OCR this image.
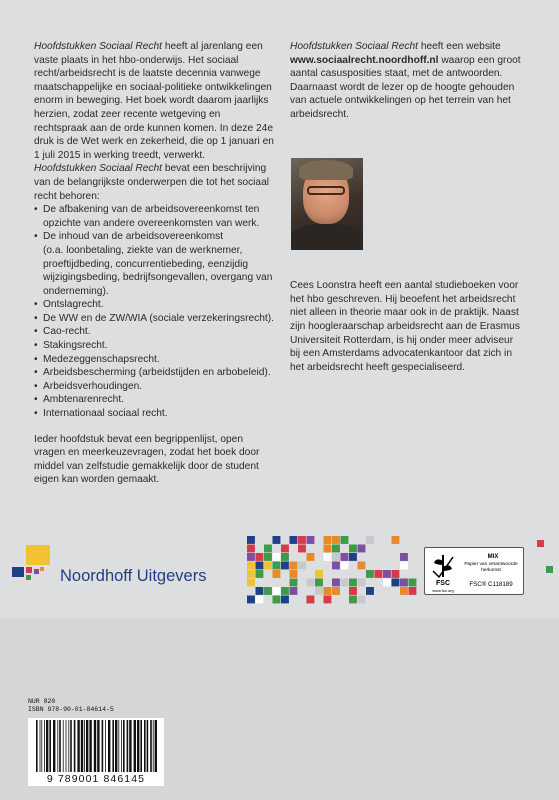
Hoofdstukken Sociaal Recht heeft al jarenlang een vaste plaats in het hbo-onderwijs. Het sociaal recht/arbeidsrecht is de laatste decennia vanwege maatschappelijke en sociaal-politieke ontwikkelingen enorm in beweging. Het boek wordt daarom jaarlijks herzien, zodat zeer recente wetgeving en rechtspraak aan de orde kunnen komen. In deze 24e druk is de Wet werk en zekerheid, die op 1 januari en 1 juli 2015 in werking treedt, verwerkt.

Hoofdstukken Sociaal Recht bevat een beschrijving van de belangrijkste onderwerpen die tot het sociaal recht behoren:

• De afbakening van de arbeidsovereenkomst ten opzichte van andere overeenkomsten van werk.
• De inhoud van de arbeidsovereenkomst
(o.a. loonbetaling, ziekte van de werknemer, proeftijdbeding, concurrentiebeding, eenzijdig wijzigingsbeding, bedrijfsongevallen, overgang van onderneming).
• Ontslagrecht.
• De WW en de ZW/WIA (sociale verzekeringsrecht).
• Cao-recht.
• Stakingsrecht.
• Medezeggenschapsrecht.
• Arbeidsbescherming (arbeidstijden en arbobeleid).
• Arbeidsverhoudingen.
• Ambtenarenrecht.
• Internationaal sociaal recht.

Ieder hoofdstuk bevat een begrippenlijst, open vragen en meerkeuzevragen, zodat het boek door middel van zelfstudie gemakkelijk door de student eigen kan worden gemaakt.

Hoofdstukken Sociaal Recht heeft een website www.sociaalrecht.noordhoff.nl waarop een groot aantal casusposities staat, met de antwoorden. Daarnaast wordt de lezer op de hoogte gehouden van actuele ontwikkelingen op het terrein van het arbeidsrecht.

Cees Loonstra heeft een aantal studieboeken voor het hbo geschreven. Hij beoefent het arbeidsrecht niet alleen in theorie maar ook in de praktijk. Naast zijn hoogleraarschap arbeidsrecht aan de Erasmus Universiteit Rotterdam, is hij onder meer adviseur bij een Amsterdams advocatenkantoor dat zich in het arbeidsrecht heeft gespecialiseerd.

Noordhoff Uitgevers	FSC
www.fsc.org
MIX
Papier van verantwoorde herkomst
FSC® C118189
NUR 820
ISBN 978-90-01-84614-5
9 789001 846145
